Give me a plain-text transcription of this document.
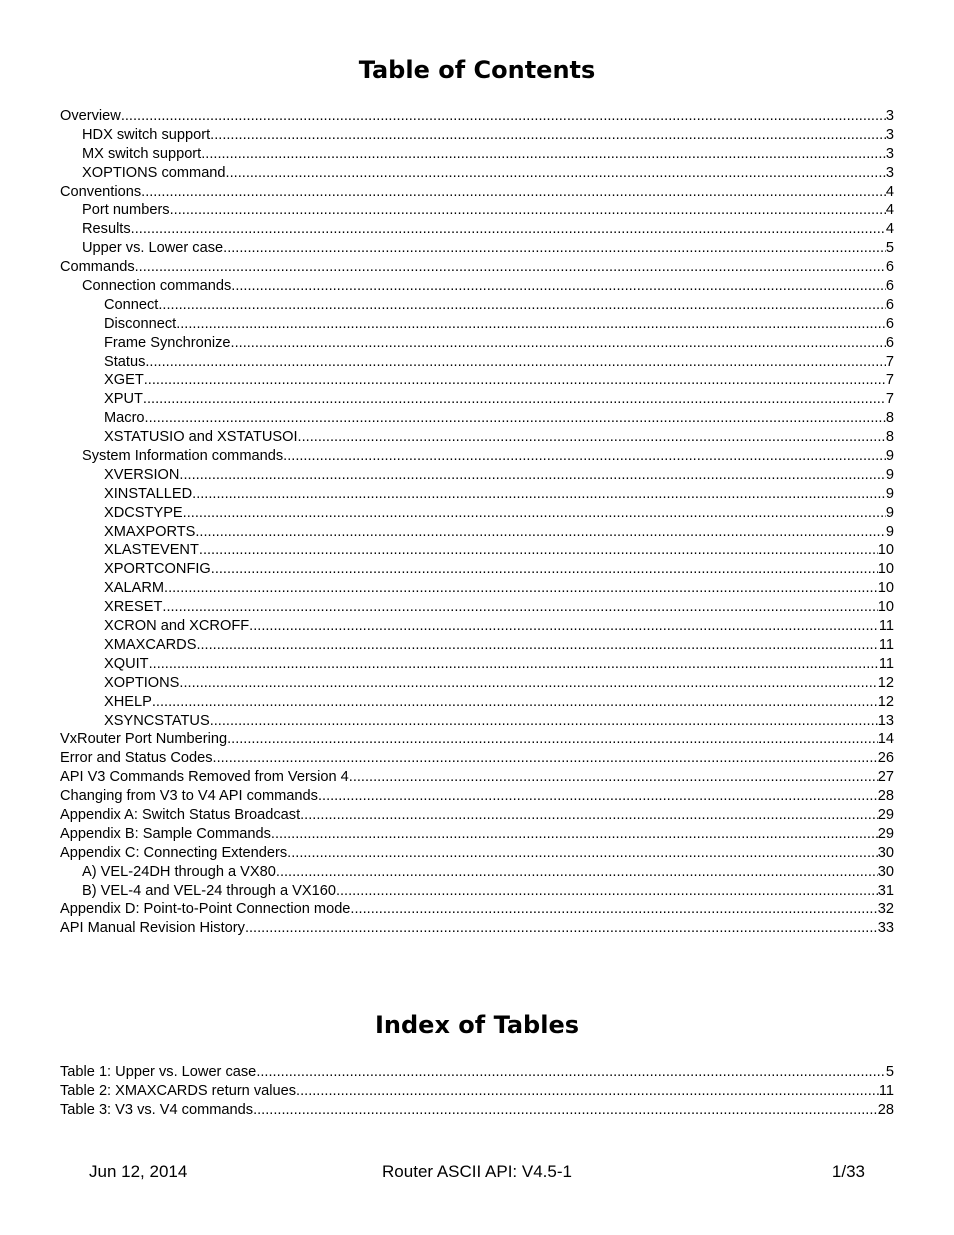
Table of Contents
Overview .....	3
HDX switch support .....	3
MX switch support .....	3
XOPTIONS command .....	3
Conventions .....	4
Port numbers .....	4
Results .....	4
Upper vs. Lower case .....	5
Commands .....	6
Connection commands .....	6
Connect .....	6
Disconnect .....	6
Frame Synchronize .....	6
Status .....	7
XGET .....	7
XPUT .....	7
Macro .....	8
XSTATUSIO and XSTATUSOI .....	8
System Information commands .....	9
XVERSION .....	9
XINSTALLED .....	9
XDCSTYPE .....	9
XMAXPORTS .....	9
XLASTEVENT .....	10
XPORTCONFIG .....	10
XALARM .....	10
XRESET .....	10
XCRON and XCROFF .....	11
XMAXCARDS .....	11
XQUIT .....	11
XOPTIONS .....	12
XHELP .....	12
XSYNCSTATUS .....	13
VxRouter Port Numbering .....	14
Error and Status Codes .....	26
API V3 Commands Removed from Version 4 .....	27
Changing from V3 to V4 API commands .....	28
Appendix A: Switch Status Broadcast .....	29
Appendix B: Sample Commands .....	29
Appendix C: Connecting Extenders .....	30
A) VEL-24DH through a VX80 .....	30
B) VEL-4 and VEL-24 through a VX160 .....	31
Appendix D: Point-to-Point Connection mode .....	32
API Manual Revision History .....	33
Index of Tables
Table 1: Upper vs. Lower case .....	5
Table 2: XMAXCARDS return values .....	11
Table 3: V3 vs. V4 commands .....	28
Jun 12, 2014	Router ASCII API: V4.5-1	1/33
